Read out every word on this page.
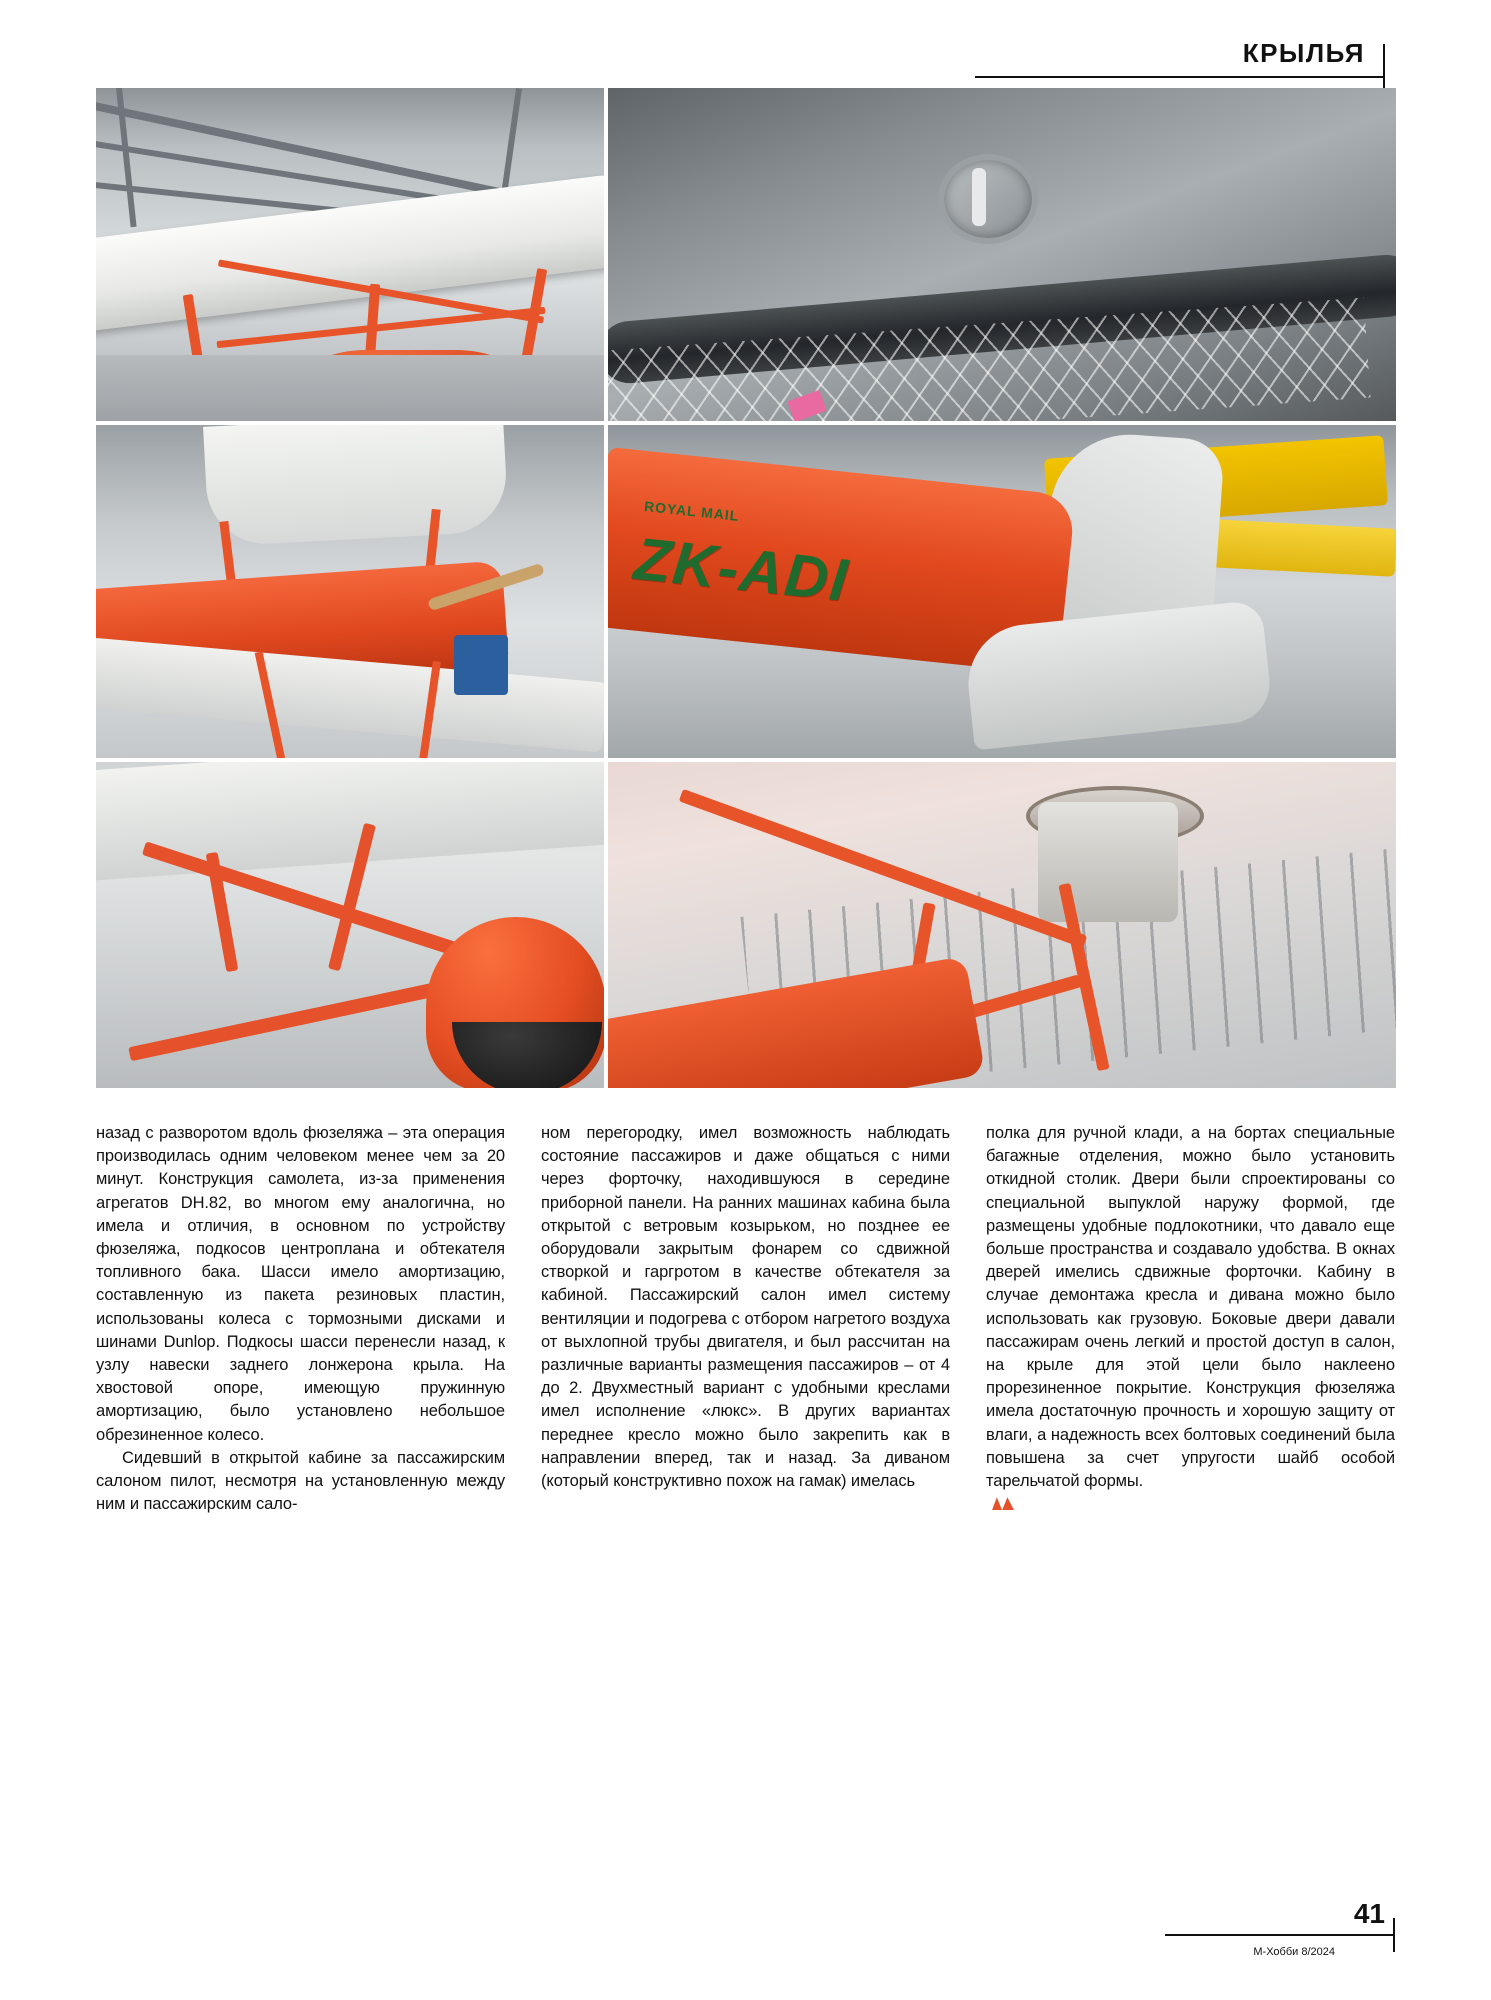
КРЫЛЬЯ
ROYAL MAIL
ZK-ADI

назад с разворотом вдоль фюзеляжа – эта операция производилась одним человеком менее чем за 20 минут. Конструкция самолета, из-за применения агрегатов DH.82, во многом ему аналогична, но имела и отличия, в основном по устройству фюзеляжа, подкосов центроплана и обтекателя топливного бака. Шасси имело амортизацию, составленную из пакета резиновых пластин, использованы колеса с тормозными дисками и шинами Dunlop. Подкосы шасси перенесли назад, к узлу навески заднего лонжерона крыла. На хвостовой опоре, имеющую пружинную амортизацию, было установлено небольшое обрезиненное колесо.

Сидевший в открытой кабине за пассажирским салоном пилот, несмотря на установленную между ним и пассажирским сало-

ном перегородку, имел возможность наблюдать состояние пассажиров и даже общаться с ними через форточку, находившуюся в середине приборной панели. На ранних машинах кабина была открытой с ветровым козырьком, но позднее ее оборудовали закрытым фонарем со сдвижной створкой и гаргротом в качестве обтекателя за кабиной. Пассажирский салон имел систему вентиляции и подогрева с отбором нагретого воздуха от выхлопной трубы двигателя, и был рассчитан на различные варианты размещения пассажиров – от 4 до 2. Двухместный вариант с удобными креслами имел исполнение «люкс». В других вариантах переднее кресло можно было закрепить как в направлении вперед, так и назад. За диваном (который конструктивно похож на гамак) имелась

полка для ручной клади, а на бортах специальные багажные отделения, можно было установить откидной столик. Двери были спроектированы со специальной выпуклой наружу формой, где размещены удобные подлокотники, что давало еще больше пространства и создавало удобства. В окнах дверей имелись сдвижные форточки. Кабину в случае демонтажа кресла и дивана можно было использовать как грузовую. Боковые двери давали пассажирам очень легкий и простой доступ в салон, на крыле для этой цели было наклеено прорезиненное покрытие. Конструкция фюзеляжа имела достаточную прочность и хорошую защиту от влаги, а надежность всех болтовых соединений была повышена за счет упругости шайб особой тарельчатой формы.

41
М-Хобби 8/2024
